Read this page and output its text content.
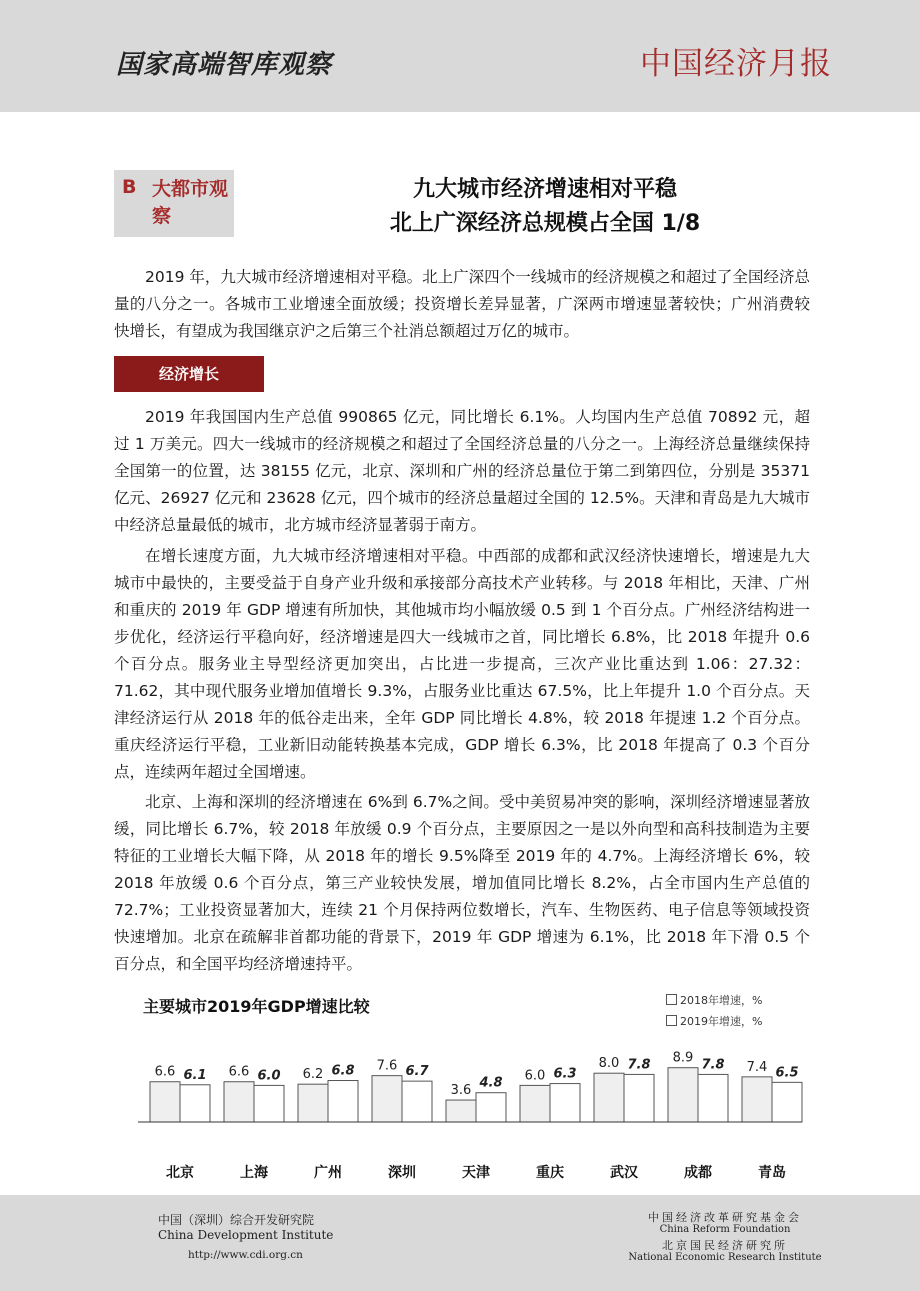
国家高端智库观察	中国经济月报
B 大都市观察
九大城市经济增速相对平稳
北上广深经济总规模占全国 1/8

2019 年，九大城市经济增速相对平稳。北上广深四个一线城市的经济规模之和超过了全国经济总量的八分之一。各城市工业增速全面放缓；投资增长差异显著，广深两市增速显著较快；广州消费较快增长，有望成为我国继京沪之后第三个社消总额超过万亿的城市。

经济增长

2019 年我国国内生产总值 990865 亿元，同比增长 6.1%。人均国内生产总值 70892 元，超过 1 万美元。四大一线城市的经济规模之和超过了全国经济总量的八分之一。上海经济总量继续保持全国第一的位置，达 38155 亿元，北京、深圳和广州的经济总量位于第二到第四位，分别是 35371 亿元、26927 亿元和 23628 亿元，四个城市的经济总量超过全国的 12.5%。天津和青岛是九大城市中经济总量最低的城市，北方城市经济显著弱于南方。

在增长速度方面，九大城市经济增速相对平稳。中西部的成都和武汉经济快速增长，增速是九大城市中最快的，主要受益于自身产业升级和承接部分高技术产业转移。与 2018 年相比，天津、广州和重庆的 2019 年 GDP 增速有所加快，其他城市均小幅放缓 0.5 到 1 个百分点。广州经济结构进一步优化，经济运行平稳向好，经济增速是四大一线城市之首，同比增长 6.8%，比 2018 年提升 0.6 个百分点。服务业主导型经济更加突出，占比进一步提高，三次产业比重达到 1.06：27.32：71.62，其中现代服务业增加值增长 9.3%，占服务业比重达 67.5%，比上年提升 1.0 个百分点。天津经济运行从 2018 年的低谷走出来，全年 GDP 同比增长 4.8%，较 2018 年提速 1.2 个百分点。重庆经济运行平稳，工业新旧动能转换基本完成，GDP 增长 6.3%，比 2018 年提高了 0.3 个百分点，连续两年超过全国增速。

北京、上海和深圳的经济增速在 6%到 6.7%之间。受中美贸易冲突的影响，深圳经济增速显著放缓，同比增长 6.7%，较 2018 年放缓 0.9 个百分点，主要原因之一是以外向型和高科技制造为主要特征的工业增长大幅下降，从 2018 年的增长 9.5%降至 2019 年的 4.7%。上海经济增长 6%，较 2018 年放缓 0.6 个百分点，第三产业较快发展，增加值同比增长 8.2%，占全市国内生产总值的 72.7%；工业投资显著加大，连续 21 个月保持两位数增长，汽车、生物医药、电子信息等领域投资快速增加。北京在疏解非首都功能的背景下，2019 年 GDP 增速为 6.1%，比 2018 年下滑 0.5 个百分点，和全国平均经济增速持平。

主要城市2019年GDP增速比较	2018年增速，%
2019年增速，%
6.6 6.1
北京
6.6 6.0
上海
6.2 6.8
广州
7.6 6.7
深圳
3.6 4.8
天津
6.0 6.3
重庆
8.0 7.8
武汉
8.9 7.8
成都
7.4 6.5
青岛
中国（深圳）综合开发研究院
China Development Institute
http://www.cdi.org.cn
中国经济改革研究基金会
China Reform Foundation
北京国民经济研究所
National Economic Research Institute
